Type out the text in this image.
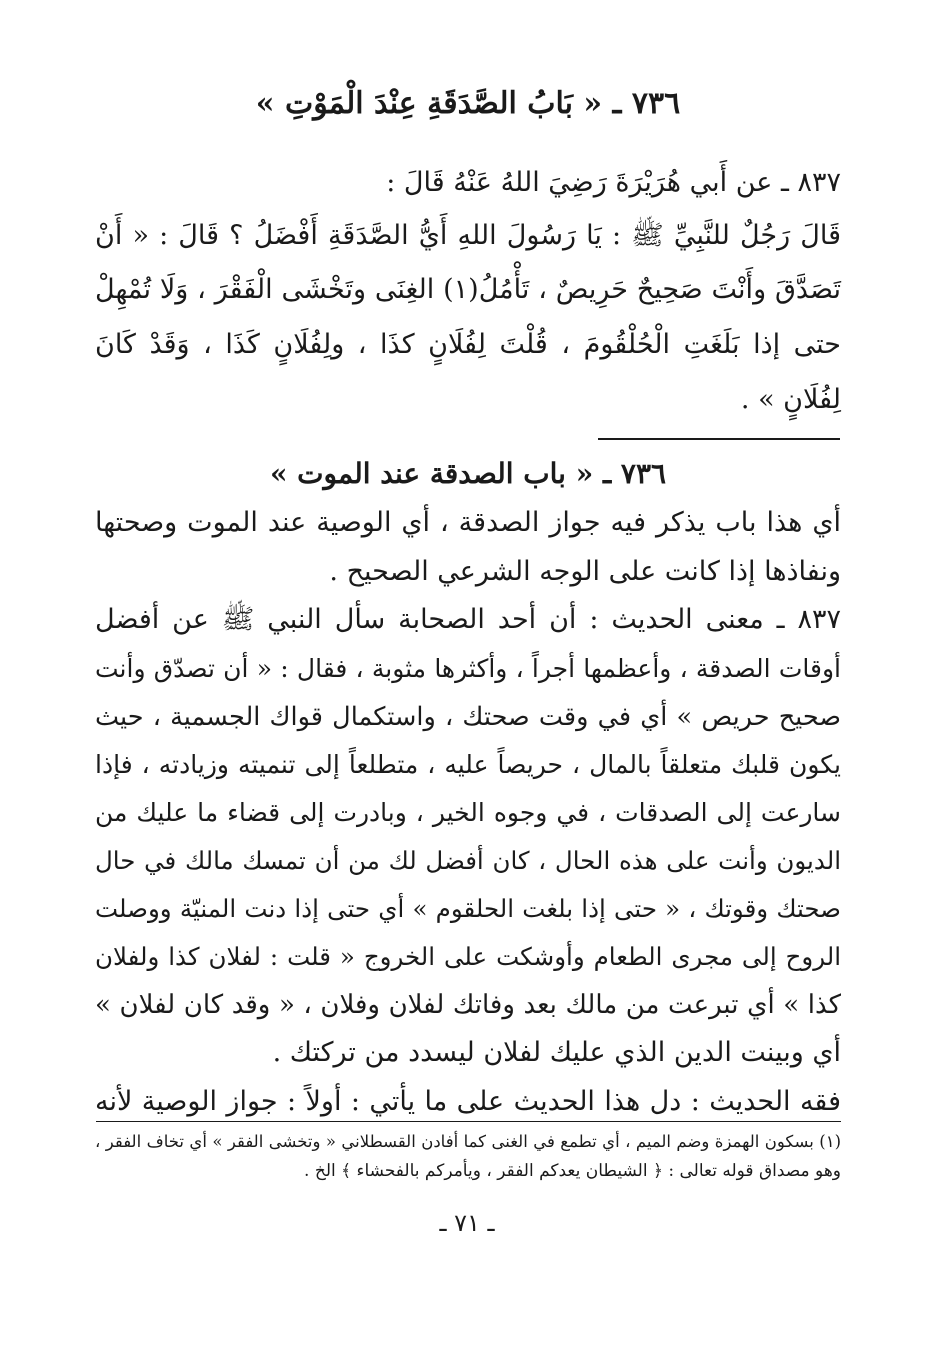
٧٣٦ ـ « بَابُ الصَّدَقَةِ عِنْدَ الْمَوْتِ »
٨٣٧ ـ عن أَبي هُرَيْرَةَ رَضِيَ اللهُ عَنْهُ قَالَ :
قَالَ رَجُلٌ للنَّبِيِّ ﷺ : يَا رَسُولَ اللهِ أَيُّ الصَّدَقَةِ أَفْضَلُ ؟ قَالَ : « أَنْ
تَصَدَّقَ وأَنْتَ صَحِيحٌ حَرِيصٌ ، تَأْمُلُ(١) الغِنَى وتَخْشَى الْفَقْرَ ، وَلَا تُمْهِلْ
حتى إذا بَلَغَتِ الْحُلْقُومَ ، قُلْتَ لِفُلَانٍ كذَا ، ولِفُلَانٍ كَذَا ، وَقَدْ كَانَ
لِفُلَانٍ » .
٧٣٦ ـ « باب الصدقة عند الموت »
أي هذا باب يذكر فيه جواز الصدقة ، أي الوصية عند الموت وصحتها
ونفاذها إذا كانت على الوجه الشرعي الصحيح .
٨٣٧ ـ معنى الحديث : أن أحد الصحابة سأل النبي ﷺ عن أفضل
أوقات الصدقة ، وأعظمها أجراً ، وأكثرها مثوبة ، فقال : « أن تصدّق وأنت
صحيح حريص » أي في وقت صحتك ، واستكمال قواك الجسمية ، حيث
يكون قلبك متعلقاً بالمال ، حريصاً عليه ، متطلعاً إلى تنميته وزيادته ، فإذا
سارعت إلى الصدقات ، في وجوه الخير ، وبادرت إلى قضاء ما عليك من
الديون وأنت على هذه الحال ، كان أفضل لك من أن تمسك مالك في حال
صحتك وقوتك ، « حتى إذا بلغت الحلقوم » أي حتى إذا دنت المنيّة ووصلت
الروح إلى مجرى الطعام وأوشكت على الخروج « قلت : لفلان كذا ولفلان
كذا » أي تبرعت من مالك بعد وفاتك لفلان وفلان ، « وقد كان لفلان »
أي وبينت الدين الذي عليك لفلان ليسدد من تركتك .
فقه الحديث : دل هذا الحديث على ما يأتي : أولاً : جواز الوصية لأنه
(١) بسكون الهمزة وضم الميم ، أي تطمع في الغنى كما أفادن القسطلاني « وتخشى الفقر » أي تخاف الفقر ،
وهو مصداق قوله تعالى : ﴿ الشيطان يعدكم الفقر ، ويأمركم بالفحشاء ﴾ الخ .
ـ ٧١ ـ
